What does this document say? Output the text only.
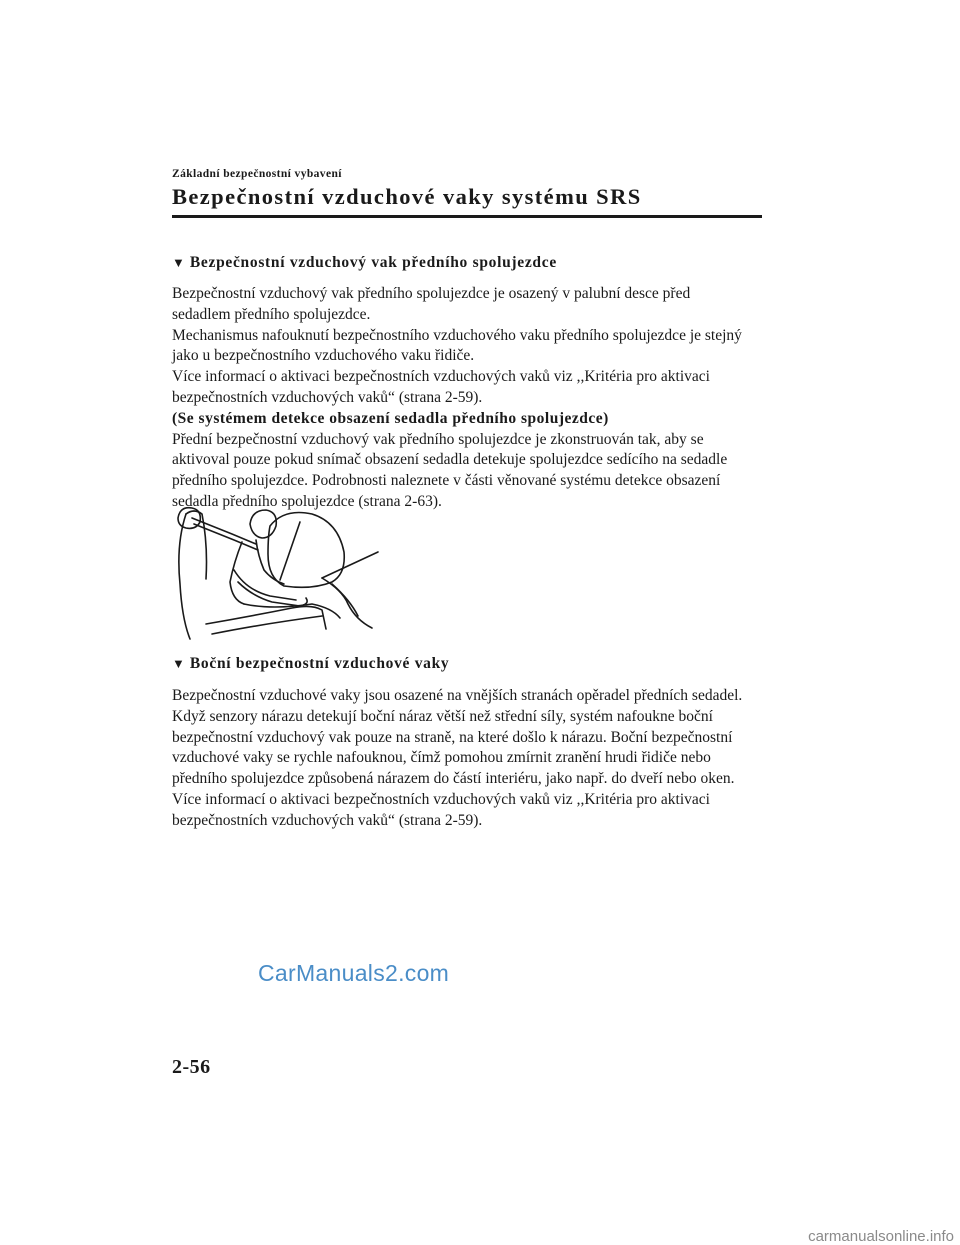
Základní bezpečnostní vybavení
Bezpečnostní vzduchové vaky systému SRS
▼ Bezpečnostní vzduchový vak předního spolujezdce
Bezpečnostní vzduchový vak předního spolujezdce je osazený v palubní desce před
sedadlem předního spolujezdce.
Mechanismus nafouknutí bezpečnostního vzduchového vaku předního spolujezdce je stejný
jako u bezpečnostního vzduchového vaku řidiče.
Více informací o aktivaci bezpečnostních vzduchových vaků viz ,,Kritéria pro aktivaci
bezpečnostních vzduchových vaků“ (strana 2-59).
(Se systémem detekce obsazení sedadla předního spolujezdce)
Přední bezpečnostní vzduchový vak předního spolujezdce je zkonstruován tak, aby se
aktivoval pouze pokud snímač obsazení sedadla detekuje spolujezdce sedícího na sedadle
předního spolujezdce. Podrobnosti naleznete v části věnované systému detekce obsazení
sedadla předního spolujezdce (strana 2-63).
▼ Boční bezpečnostní vzduchové vaky
Bezpečnostní vzduchové vaky jsou osazené na vnějších stranách opěradel předních sedadel.
Když senzory nárazu detekují boční náraz větší než střední síly, systém nafoukne boční
bezpečnostní vzduchový vak pouze na straně, na které došlo k nárazu. Boční bezpečnostní
vzduchové vaky se rychle nafouknou, čímž pomohou zmírnit zranění hrudi řidiče nebo
předního spolujezdce způsobená nárazem do částí interiéru, jako např. do dveří nebo oken.
Více informací o aktivaci bezpečnostních vzduchových vaků viz ,,Kritéria pro aktivaci
bezpečnostních vzduchových vaků“ (strana 2-59).
CarManuals2.com
2-56
carmanualsonline.info
